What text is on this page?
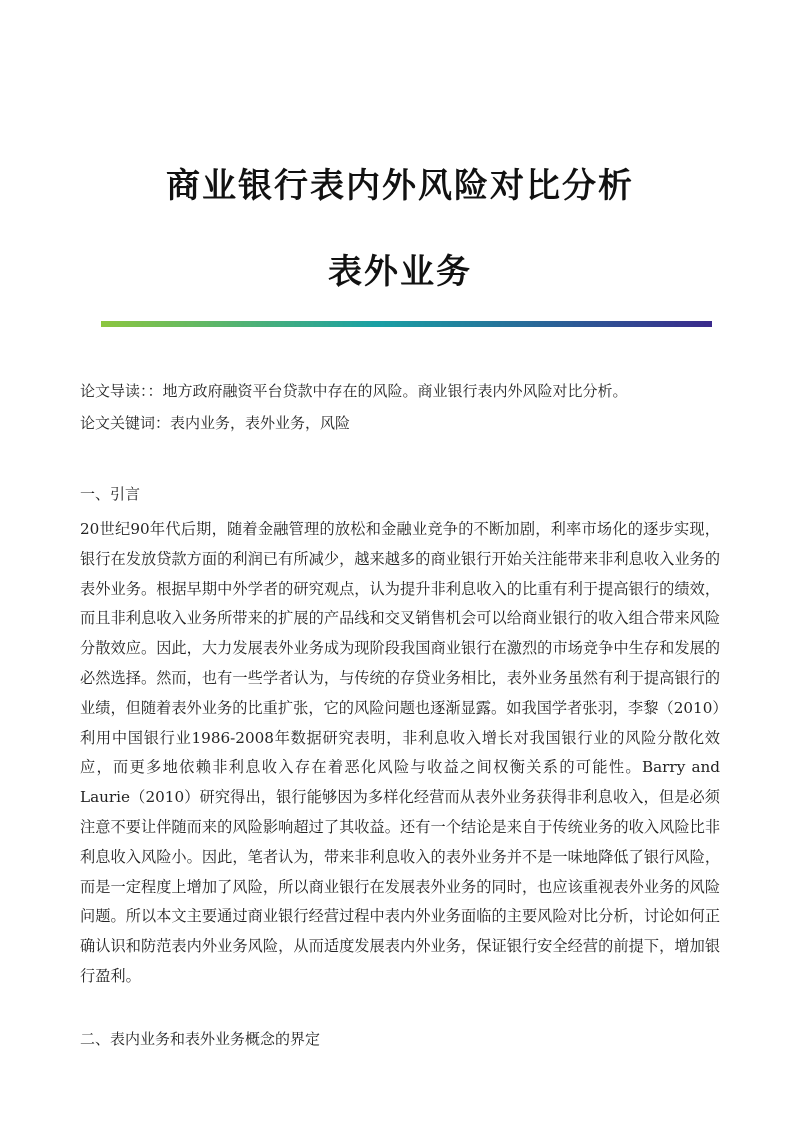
商业银行表内外风险对比分析
表外业务

论文导读：：地方政府融资平台贷款中存在的风险。商业银行表内外风险对比分析。

论文关键词：表内业务，表外业务，风险

一、引言

20世纪90年代后期，随着金融管理的放松和金融业竞争的不断加剧，利率市场化的逐步实现，银行在发放贷款方面的利润已有所减少，越来越多的商业银行开始关注能带来非利息收入业务的表外业务。根据早期中外学者的研究观点，认为提升非利息收入的比重有利于提高银行的绩效，而且非利息收入业务所带来的扩展的产品线和交叉销售机会可以给商业银行的收入组合带来风险分散效应。因此，大力发展表外业务成为现阶段我国商业银行在激烈的市场竞争中生存和发展的必然选择。然而，也有一些学者认为，与传统的存贷业务相比，表外业务虽然有利于提高银行的业绩，但随着表外业务的比重扩张，它的风险问题也逐渐显露。如我国学者张羽，李黎（2010）利用中国银行业1986-2008年数据研究表明，非利息收入增长对我国银行业的风险分散化效应，而更多地依赖非利息收入存在着恶化风险与收益之间权衡关系的可能性。Barry and Laurie（2010）研究得出，银行能够因为多样化经营而从表外业务获得非利息收入，但是必须注意不要让伴随而来的风险影响超过了其收益。还有一个结论是来自于传统业务的收入风险比非利息收入风险小。因此，笔者认为，带来非利息收入的表外业务并不是一味地降低了银行风险，而是一定程度上增加了风险，所以商业银行在发展表外业务的同时，也应该重视表外业务的风险问题。所以本文主要通过商业银行经营过程中表内外业务面临的主要风险对比分析，讨论如何正确认识和防范表内外业务风险，从而适度发展表内外业务，保证银行安全经营的前提下，增加银行盈利。

二、表内业务和表外业务概念的界定
